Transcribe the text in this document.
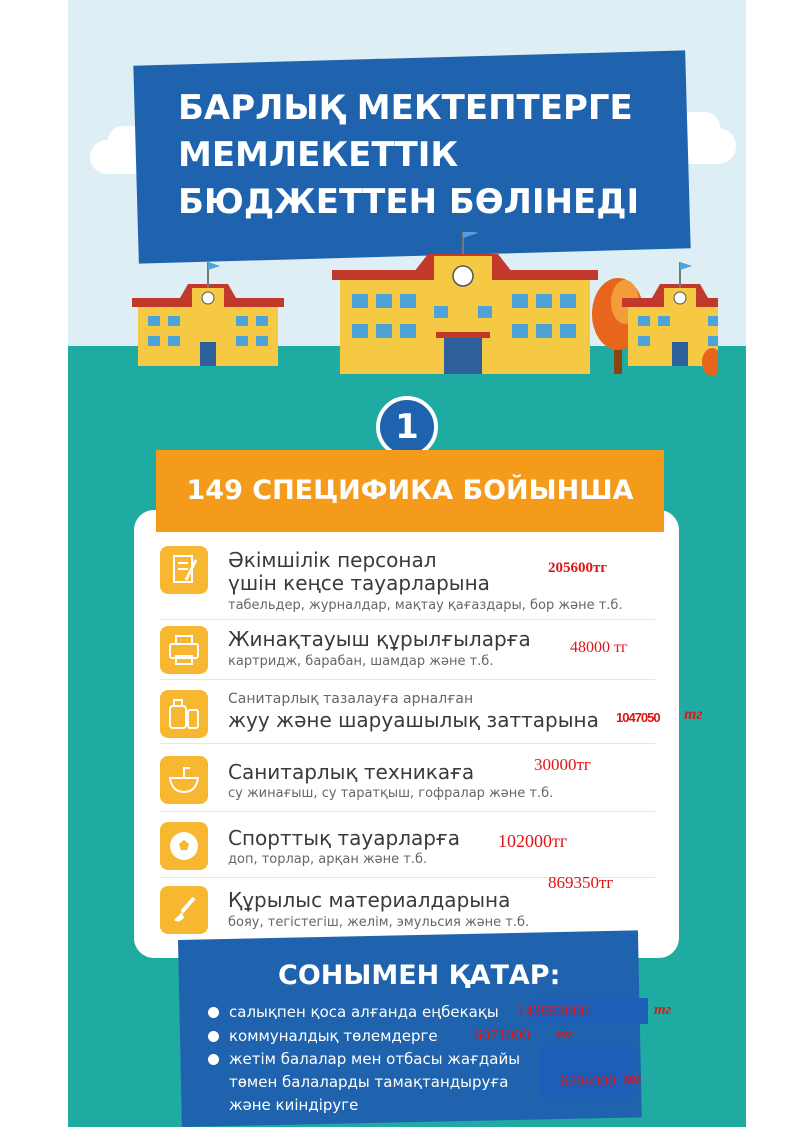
БАРЛЫҚ МЕКТЕПТЕРГЕ
МЕМЛЕКЕТТІК
БЮДЖЕТТЕН БӨЛІНЕДІ
1
149 СПЕЦИФИКА БОЙЫНША
Әкімшілік персонал
үшін кеңсе тауарларына
табельдер, журналдар, мақтау қағаздары, бор және т.б.
Жинақтауыш құрылғыларға
картридж, барабан, шамдар және т.б.
Санитарлық тазалауға арналған
жуу және шаруашылық заттарына
Санитарлық техникаға
су жинағыш, су таратқыш, гофралар және т.б.
Спорттық тауарларға
доп, торлар, арқан және т.б.
Құрылыс материалдарына
бояу, тегістегіш, желім, эмульсия және т.б.
СОНЫМЕН ҚАТАР:
салықпен қоса алғанда еңбекақы
коммуналдық төлемдерге
жетім балалар мен отбасы жағдайы
төмен балаларды тамақтандыруға
және киіндіруге
205600тг
48000 тг
1047050 тг
30000тг
102000тг
869350тг
143953000	тг
6071000 тг
6204000 тг
